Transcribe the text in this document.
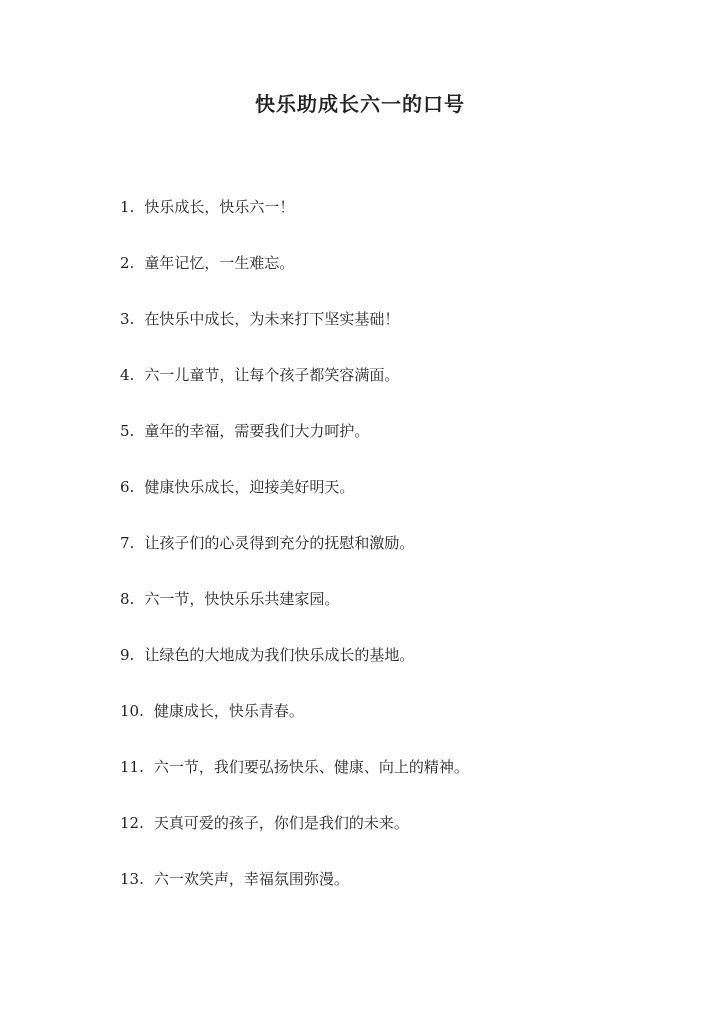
快乐助成长六一的口号
1. 快乐成长，快乐六一！
2. 童年记忆，一生难忘。
3. 在快乐中成长，为未来打下坚实基础！
4. 六一儿童节，让每个孩子都笑容满面。
5. 童年的幸福，需要我们大力呵护。
6. 健康快乐成长，迎接美好明天。
7. 让孩子们的心灵得到充分的抚慰和激励。
8. 六一节，快快乐乐共建家园。
9. 让绿色的大地成为我们快乐成长的基地。
10. 健康成长，快乐青春。
11. 六一节，我们要弘扬快乐、健康、向上的精神。
12. 天真可爱的孩子，你们是我们的未来。
13. 六一欢笑声，幸福氛围弥漫。
